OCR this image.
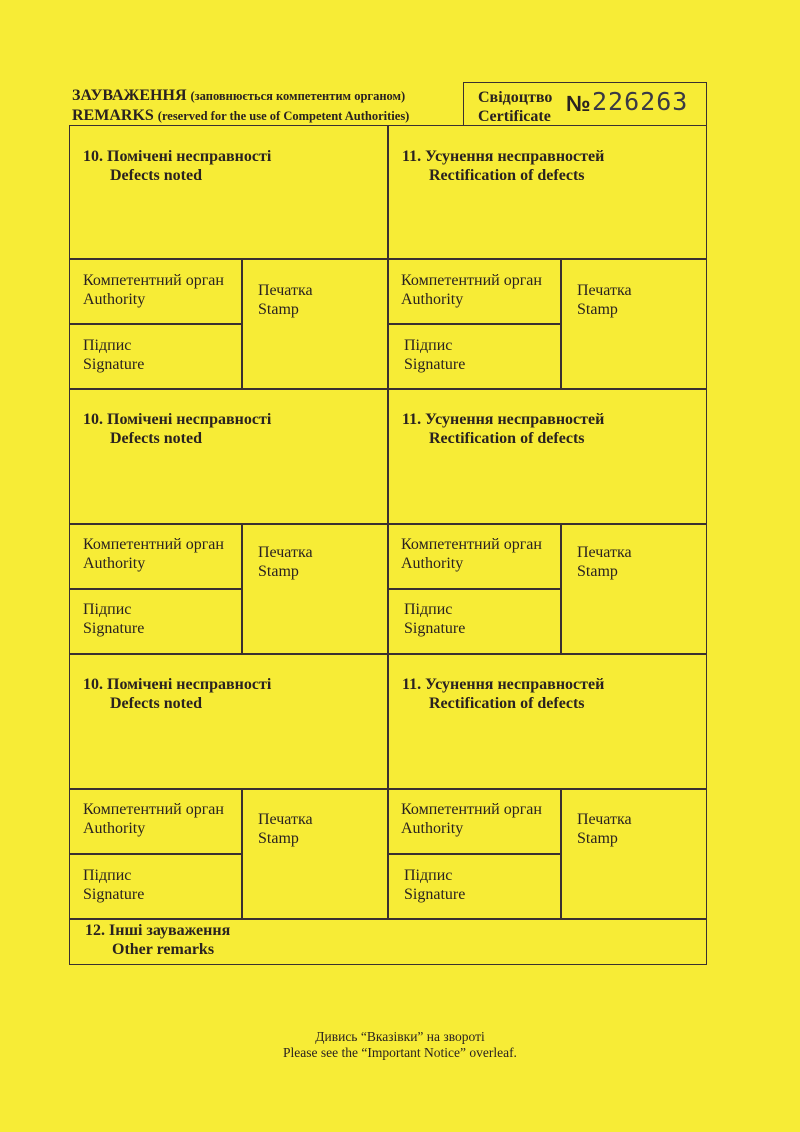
ЗАУВАЖЕННЯ (заповнюється компетентим органом)
REMARKS (reserved for the use of Competent Authorities)
Свідоцтво
Certificate
№ 226263
10. Помічені несправності
Defects noted
11. Усунення несправностей
Rectification of defects
Компетентний орган
Authority
Підпис
Signature
Печатка
Stamp
Компетентний орган
Authority
Підпис
Signature
Печатка
Stamp
10. Помічені несправності
Defects noted
11. Усунення несправностей
Rectification of defects
Компетентний орган
Authority
Підпис
Signature
Печатка
Stamp
Компетентний орган
Authority
Підпис
Signature
Печатка
Stamp
10. Помічені несправності
Defects noted
11. Усунення несправностей
Rectification of defects
Компетентний орган
Authority
Підпис
Signature
Печатка
Stamp
Компетентний орган
Authority
Підпис
Signature
Печатка
Stamp
12. Інші зауваження
Other remarks
Дивись “Вказівки” на звороті
Please see the “Important Notice” overleaf.
